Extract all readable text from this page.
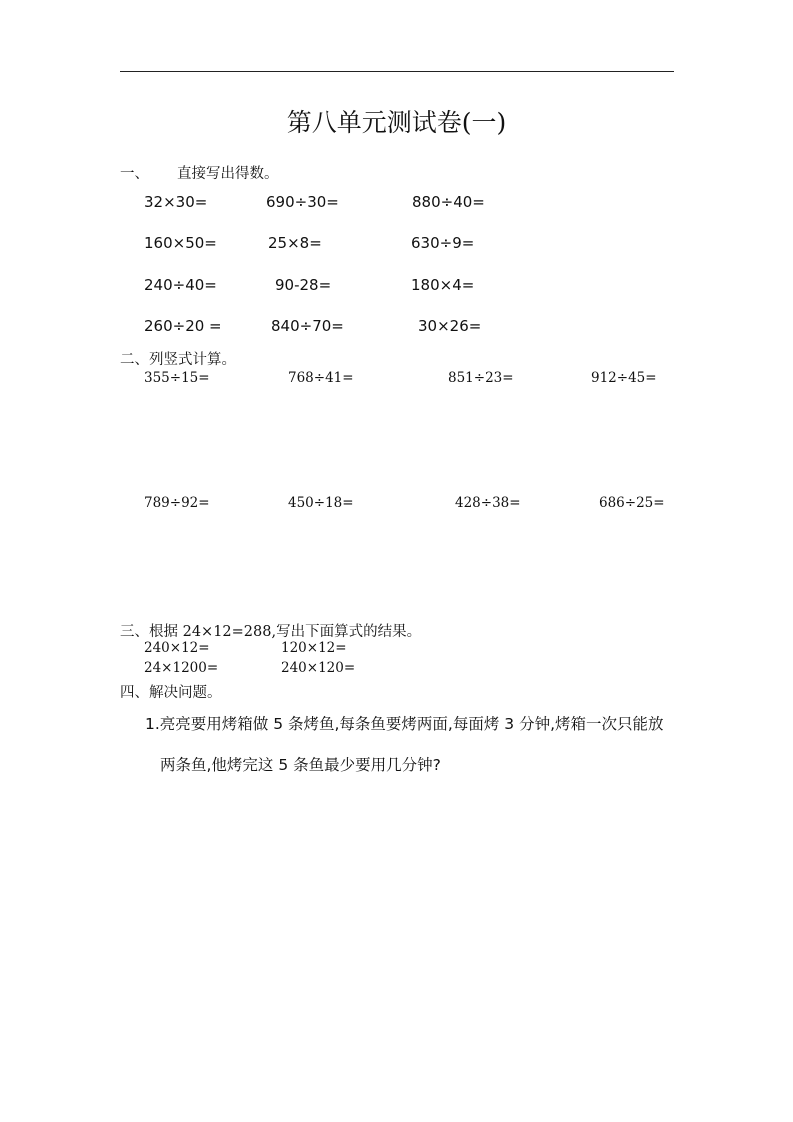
第八单元测试卷(一)
一、 直接写出得数。
32×30=	690÷30=	880÷40=
160×50=	25×8=	630÷9=
240÷40=	90-28=	180×4=
260÷20 =	840÷70=	30×26=
二、列竖式计算。
355÷15=	768÷41=	851÷23=	912÷45=
789÷92=	450÷18=	428÷38=	686÷25=
三、根据 24×12=288,写出下面算式的结果。
240×12=	120×12=
24×1200=	240×120=
四、解决问题。
1.亮亮要用烤箱做 5 条烤鱼,每条鱼要烤两面,每面烤 3 分钟,烤箱一次只能放
两条鱼,他烤完这 5 条鱼最少要用几分钟?
